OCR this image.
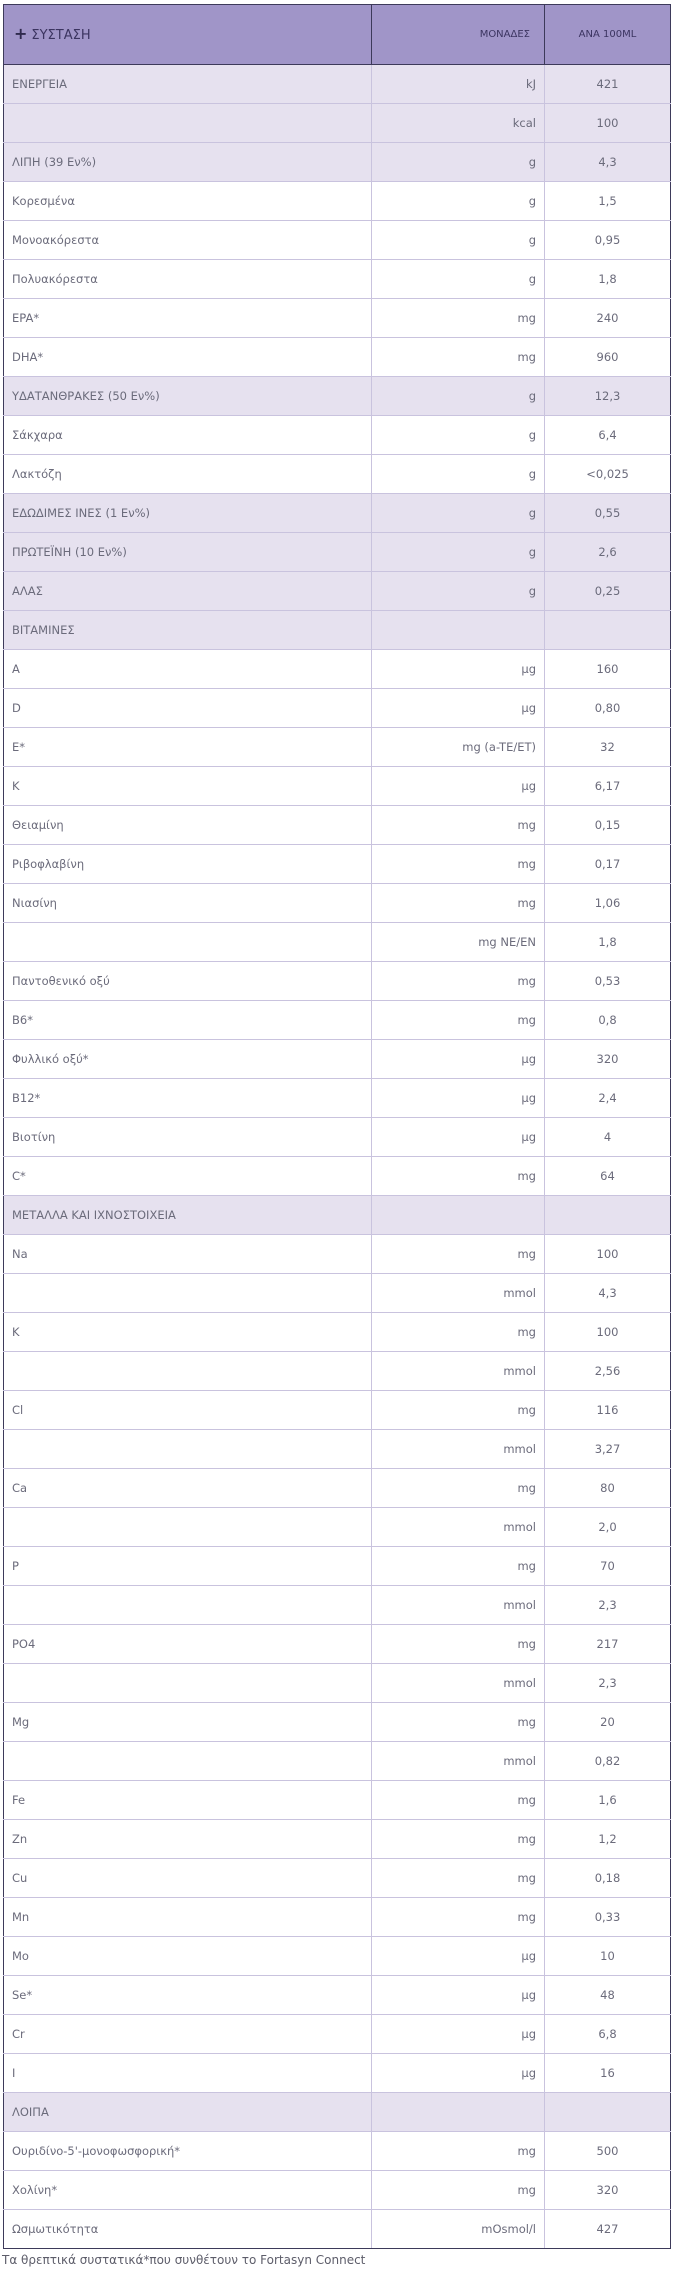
+ ΣΥΣΤΑΣΗ	ΜΟΝΑΔΕΣ	ΑΝΑ 100ML
ΕΝΕΡΓΕΙΑ	kJ	421
	kcal	100
ΛΙΠΗ (39 Εν%)	g	4,3
Κορεσμένα	g	1,5
Μονοακόρεστα	g	0,95
Πολυακόρεστα	g	1,8
EPA*	mg	240
DHA*	mg	960
ΥΔΑΤΑΝΘΡΑΚΕΣ (50 Εν%)	g	12,3
Σάκχαρα	g	6,4
Λακτόζη	g	<0,025
ΕΔΩΔΙΜΕΣ ΙΝΕΣ (1 Εν%)	g	0,55
ΠΡΩΤΕΪΝΗ (10 Εν%)	g	2,6
ΑΛΑΣ	g	0,25
ΒΙΤΑΜΙΝΕΣ		
A	μg	160
D	μg	0,80
E*	mg (a-TE/ET)	32
K	μg	6,17
Θειαμίνη	mg	0,15
Ριβοφλαβίνη	mg	0,17
Νιασίνη	mg	1,06
	mg NE/EN	1,8
Παντοθενικό οξύ	mg	0,53
B6*	mg	0,8
Φυλλικό οξύ*	μg	320
B12*	μg	2,4
Βιοτίνη	μg	4
C*	mg	64
ΜΕΤΑΛΛΑ ΚΑΙ ΙΧΝΟΣΤΟΙΧΕΙΑ		
Na	mg	100
	mmol	4,3
K	mg	100
	mmol	2,56
Cl	mg	116
	mmol	3,27
Ca	mg	80
	mmol	2,0
P	mg	70
	mmol	2,3
PO4	mg	217
	mmol	2,3
Mg	mg	20
	mmol	0,82
Fe	mg	1,6
Zn	mg	1,2
Cu	mg	0,18
Mn	mg	0,33
Mo	μg	10
Se*	μg	48
Cr	μg	6,8
I	μg	16
ΛΟΙΠΑ		
Ουριδίνο-5'-μονοφωσφορική*	mg	500
Χολίνη*	mg	320
Ωσμωτικότητα	mOsmol/l	427
Τα θρεπτικά συστατικά*που συνθέτουν το Fortasyn Connect
